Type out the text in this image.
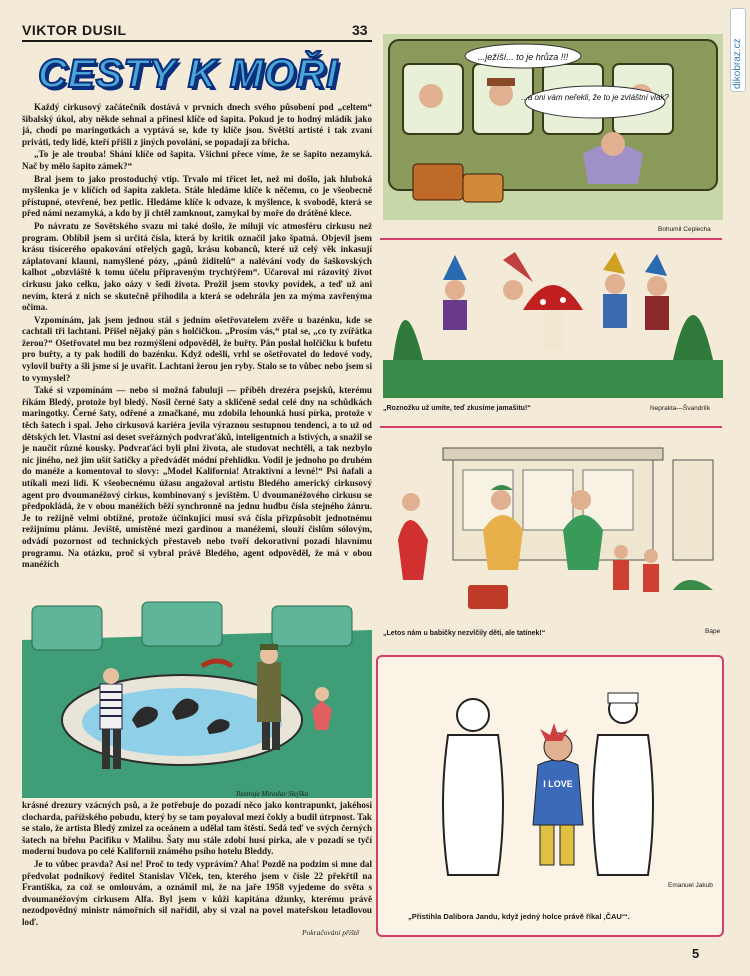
VIKTOR DUSIL	33
CESTY K MOŘI

Každý cirkusový začátečník dostává v prvních dnech svého působení pod „celtem“ šibalský úkol, aby někde sehnal a přinesl klíče od šapita. Pokud je to hodný mládík jako já, chodí po maringotkách a vyptává se, kde ty klíče jsou. Světští artisté i tak zvaní priváti, tedy lidé, kteří přišli z jiných povolání, se popadají za břicha.

„To je ale trouba! Shání klíče od šapita. Všichni přece víme, že se šapito nezamyká. Nač by mělo šapito zámek?“

Bral jsem to jako prostoduchý vtip. Trvalo mi třicet let, než mi došlo, jak hluboká myšlenka je v klíčích od šapita zakleta. Stále hledáme klíče k něčemu, co je všeobecně přístupné, otevřené, bez petlic. Hledáme klíče k odvaze, k myšlence, k svobodě, která se před námi nezamyká, a kdo by ji chtěl zamknout, zamykal by moře do drátěné klece.

Po návratu ze Sovětského svazu mi také došlo, že miluji víc atmosféru cirkusu než program. Oblíbil jsem si určitá čísla, která by kritik označil jako špatná. Objevil jsem krásu tisícerého opakování otřelých gagů, krásu kobanců, které už celý věk inkasují záplatovaní klauni, namyšlené pózy, „pánů židitelů“ a nalévání vody do šaškovských kalhot „obzvláště k tomu účelu připraveným trychtýřem“. Učaroval mi rázovitý život cirkusu jako celku, jako oázy v šedi života. Prožil jsem stovky povídek, a teď už ani nevím, která z nich se skutečně přihodila a která se odehrála jen za mýma zavřenýma očima.

Vzpomínám, jak jsem jednou stál s jedním ošetřovatelem zvěře u bazénku, kde se cachtali tři lachtani. Přišel nějaký pán s holčičkou. „Prosím vás,“ ptal se, „co ty zvířátka žerou?“ Ošetřovatel mu bez rozmýšlení odpověděl, že buřty. Pán poslal holčičku k bufetu pro buřty, a ty pak hodili do bazénku. Když odešli, vrhl se ošetřovatel do ledové vody, vylovil buřty a šli jsme si je uvařit. Lachtani žerou jen ryby. Stalo se to vůbec nebo jsem si to vymyslel?

Také si vzpomínám — nebo si možná fabuluji — příběh drezéra psejsků, kterému říkám Bledý, protože byl bledý. Nosil černé šaty a skličeně sedal celé dny na schůdkách maringotky. Černé šaty, odřené a zmačkané, mu zdobila lehounká husí pírka, protože v těch šatech i spal. Jeho cirkusová kariéra jevila výraznou sestupnou tendenci, a to už od dětských let. Vlastní asi deset sveřázných podvraťáků, inteligentních a lstivých, a snažil se je naučit různé kousky. Podvraťáci byli plni života, ale studovat nechtěli, a tak nezbylo nic jiného, než jim ušít šatičky a předvádět módní přehlídku. Vodil je jednoho po druhém do manéže a komentoval to slovy: „Model Kalifornia! Atraktivní a levné!“ Psi ňafali a utíkali mezi lidi. K všeobecnému úžasu angažoval artistu Bledého americký cirkusový agent pro dvoumanéžový cirkus, kombinovaný s jevištěm. U dvoumanéžového cirkusu se předpokládá, že v obou manéžích běží synchronně na jednu hudbu čísla stejného žánru. Je to režijně velmi obtížné, protože účinkující musí svá čísla přizpůsobit jednotnému režijnímu plánu. Jeviště, umístěné mezi gardinou a manéžemi, slouží čislům sólovým, odvádí pozornost od technických přestaveb nebo tvoří dekorativní pozadí hlavnímu programu. Na otázku, proč si vybral právě Bledého, agent odpověděl, že má v obou manéžích

Ilustruje Miroslav Slejška

krásné drezury vzácných psů, a že potřebuje do pozadí něco jako kontrapunkt, jakéhosi clocharda, pařížského pobudu, který by se tam poyaloval mezi čokly a budil útrpnost. Tak se stalo, že artista Bledý zmizel za oceánem a udělal tam štěstí. Sedá teď ve svých černých šatech na břehu Pacifiku v Malibu. Šaty mu stále zdobí husí pírka, ale v pozadí se tyčí moderní budova po celé Kalifornii známého psího hotelu Bleddy.

Je to vůbec pravda? Asi ne! Proč to tedy vyprávím? Aha! Pozdě na podzim si mne dal předvolat podnikový ředitel Stanislav Vlček, ten, kterého jsem v čísle 22 překřtil na Františka, za což se omlouvám, a oznámil mi, že na jaře 1958 vyjedeme do světa s dvoumanéžovým cirkusem Alfa. Byl jsem v kůži kapitána džunky, kterému právě nezodpovědný ministr námořních sil nařídil, aby si vzal na povel mateřskou letadlovou loď.

Pokračování příště
...ježíší... to je hrůza !!!
...a oni vám neřekli, že to je zvláštní vlak?
Bohumil Ceplecha
„Roznožku už umíte, teď zkusíme jamašitu!“	Neprakta—Švandrlík
„Letos nám u babičky nezvlčily děti, ale tatínek!“	Bape
I LOVE
Emanuel Jakub
„Přistihla Dalibora Jandu, když jedný holce právě říkal ‚ČAU‘“.
5
dikobraz.cz
